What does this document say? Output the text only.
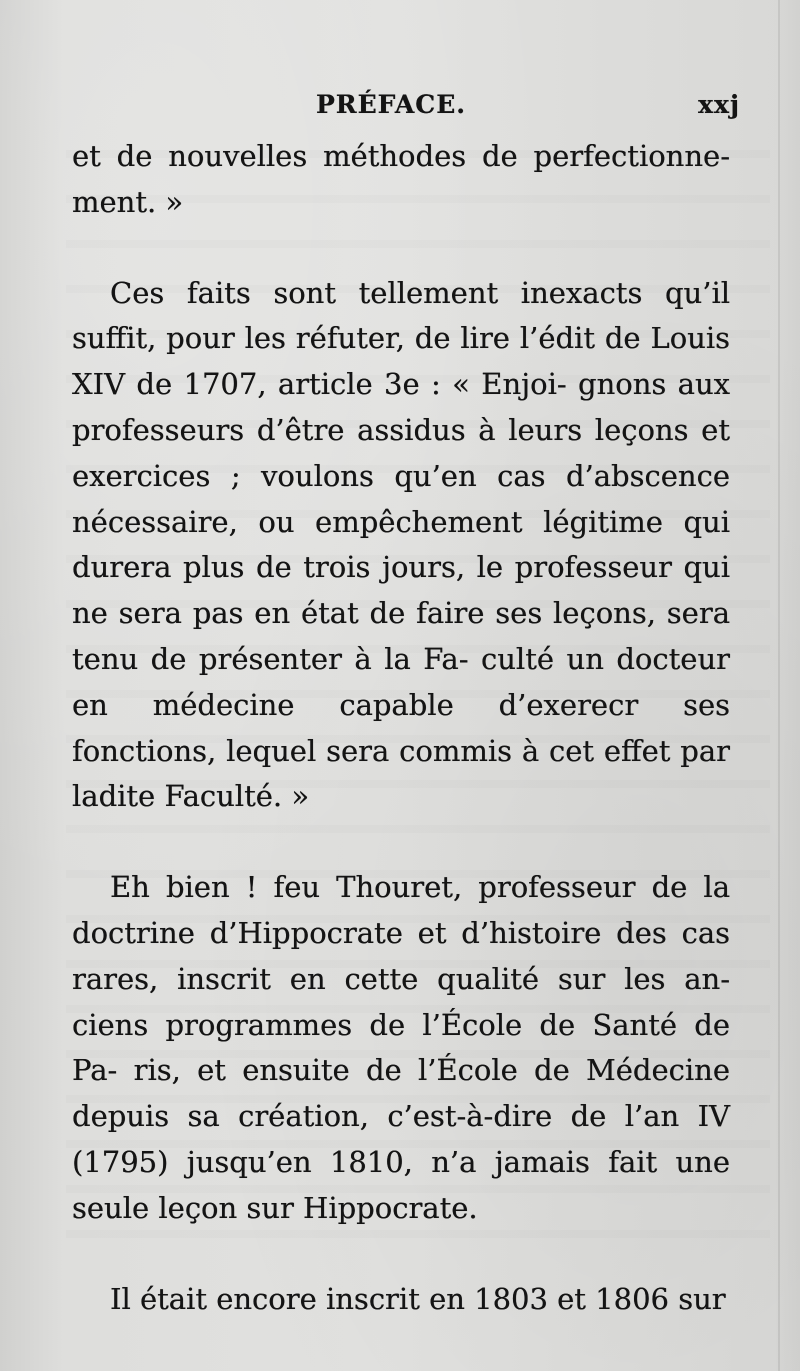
PRÉFACE.	xxj

et de nouvelles méthodes de perfectionne- ment. »

Ces faits sont tellement inexacts qu’il suffit, pour les réfuter, de lire l’édit de Louis XIV de 1707, article 3e : « Enjoi- gnons aux professeurs d’être assidus à leurs leçons et exercices ; voulons qu’en cas d’abscence nécessaire, ou empêchement légitime qui durera plus de trois jours, le professeur qui ne sera pas en état de faire ses leçons, sera tenu de présenter à la Fa- culté un docteur en médecine capable d’exerecr ses fonctions, lequel sera commis à cet effet par ladite Faculté. »

Eh bien ! feu Thouret, professeur de la doctrine d’Hippocrate et d’histoire des cas rares, inscrit en cette qualité sur les an- ciens programmes de l’École de Santé de Pa- ris, et ensuite de l’École de Médecine depuis sa création, c’est-à-dire de l’an IV (1795) jusqu’en 1810, n’a jamais fait une seule leçon sur Hippocrate.

Il était encore inscrit en 1803 et 1806 sur
